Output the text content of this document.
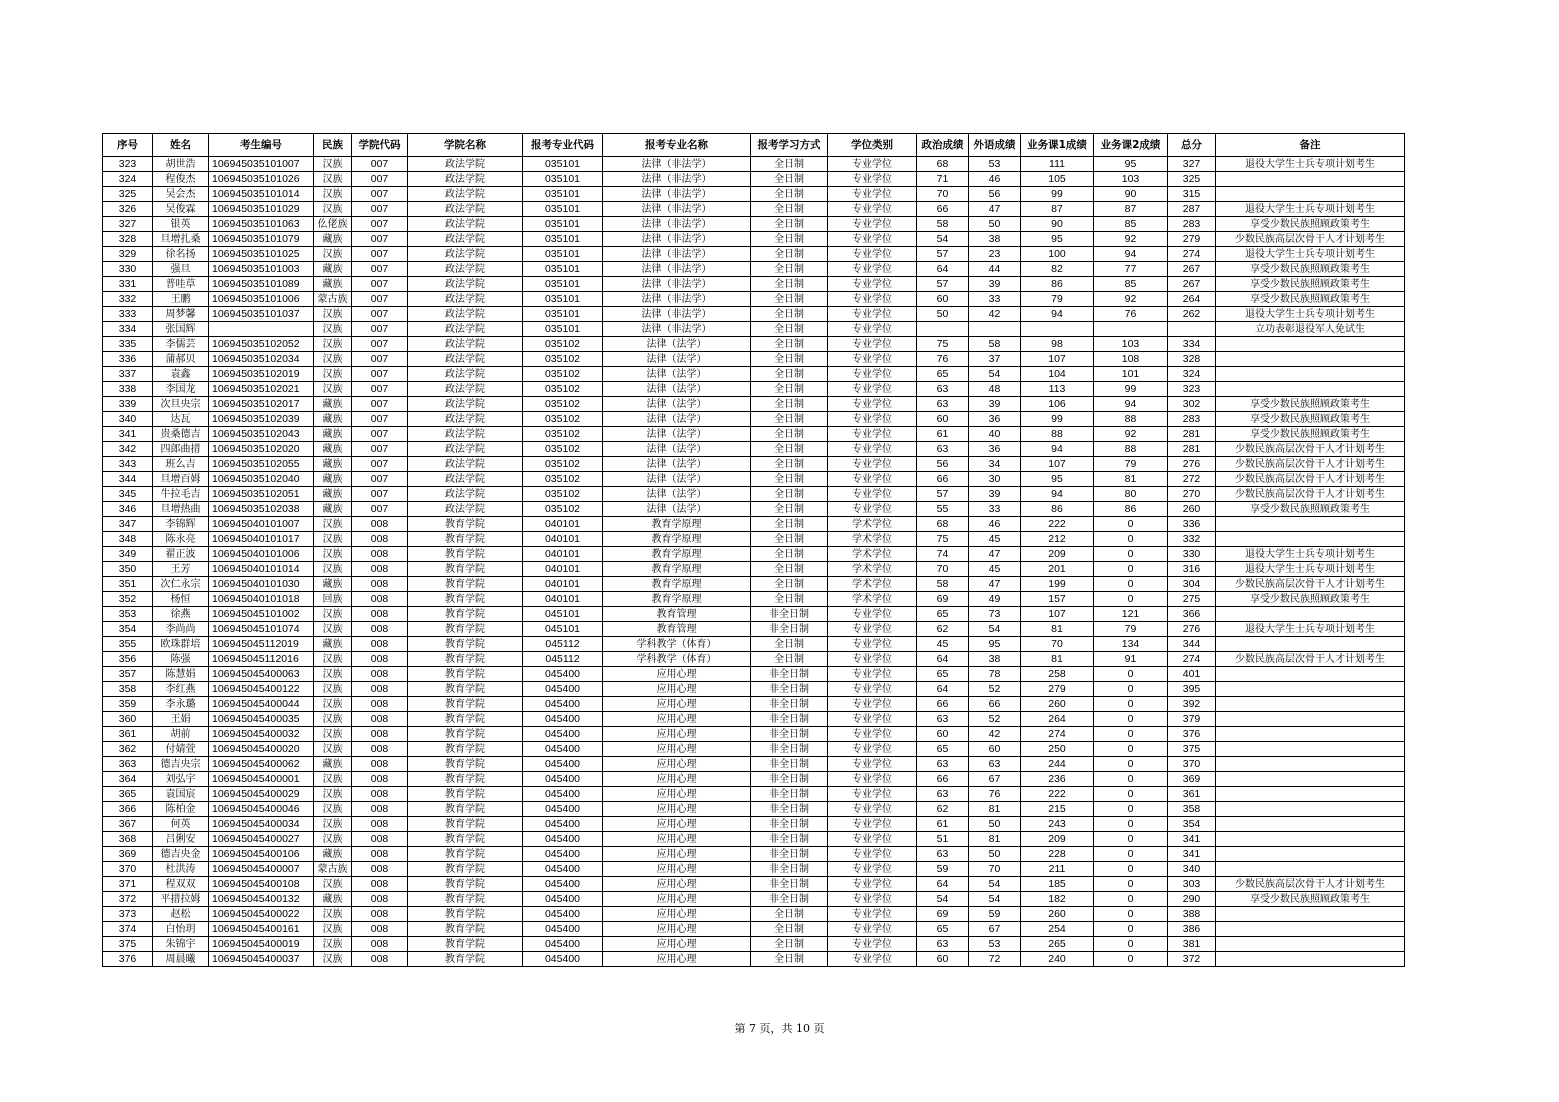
序号	姓名	考生编号	民族	学院代码	学院名称	报考专业代码	报考专业名称	报考学习方式	学位类别	政治成绩	外语成绩	业务课1成绩	业务课2成绩	总分	备注
323	胡世浩	106945035101007	汉族	007	政法学院	035101	法律（非法学）	全日制	专业学位	68	53	111	95	327	退役大学生士兵专项计划考生
324	程俊杰	106945035101026	汉族	007	政法学院	035101	法律（非法学）	全日制	专业学位	71	46	105	103	325	
325	吴会杰	106945035101014	汉族	007	政法学院	035101	法律（非法学）	全日制	专业学位	70	56	99	90	315	
326	吴俊霖	106945035101029	汉族	007	政法学院	035101	法律（非法学）	全日制	专业学位	66	47	87	87	287	退役大学生士兵专项计划考生
327	银英	106945035101063	仫佬族	007	政法学院	035101	法律（非法学）	全日制	专业学位	58	50	90	85	283	享受少数民族照顾政策考生
328	旦增扎桑	106945035101079	藏族	007	政法学院	035101	法律（非法学）	全日制	专业学位	54	38	95	92	279	少数民族高层次骨干人才计划考生
329	徐名扬	106945035101025	汉族	007	政法学院	035101	法律（非法学）	全日制	专业学位	57	23	100	94	274	退役大学生士兵专项计划考生
330	强旦	106945035101003	藏族	007	政法学院	035101	法律（非法学）	全日制	专业学位	64	44	82	77	267	享受少数民族照顾政策考生
331	普哇草	106945035101089	藏族	007	政法学院	035101	法律（非法学）	全日制	专业学位	57	39	86	85	267	享受少数民族照顾政策考生
332	王鹏	106945035101006	蒙古族	007	政法学院	035101	法律（非法学）	全日制	专业学位	60	33	79	92	264	享受少数民族照顾政策考生
333	周梦馨	106945035101037	汉族	007	政法学院	035101	法律（非法学）	全日制	专业学位	50	42	94	76	262	退役大学生士兵专项计划考生
334	张国辉		汉族	007	政法学院	035101	法律（非法学）	全日制	专业学位						立功表彰退役军人免试生
335	李儒芸	106945035102052	汉族	007	政法学院	035102	法律（法学）	全日制	专业学位	75	58	98	103	334	
336	蒲郝贝	106945035102034	汉族	007	政法学院	035102	法律（法学）	全日制	专业学位	76	37	107	108	328	
337	袁鑫	106945035102019	汉族	007	政法学院	035102	法律（法学）	全日制	专业学位	65	54	104	101	324	
338	李国龙	106945035102021	汉族	007	政法学院	035102	法律（法学）	全日制	专业学位	63	48	113	99	323	
339	次旦央宗	106945035102017	藏族	007	政法学院	035102	法律（法学）	全日制	专业学位	63	39	106	94	302	享受少数民族照顾政策考生
340	达瓦	106945035102039	藏族	007	政法学院	035102	法律（法学）	全日制	专业学位	60	36	99	88	283	享受少数民族照顾政策考生
341	贵桑德吉	106945035102043	藏族	007	政法学院	035102	法律（法学）	全日制	专业学位	61	40	88	92	281	享受少数民族照顾政策考生
342	四郎曲措	106945035102020	藏族	007	政法学院	035102	法律（法学）	全日制	专业学位	63	36	94	88	281	少数民族高层次骨干人才计划考生
343	班么吉	106945035102055	藏族	007	政法学院	035102	法律（法学）	全日制	专业学位	56	34	107	79	276	少数民族高层次骨干人才计划考生
344	旦增百姆	106945035102040	藏族	007	政法学院	035102	法律（法学）	全日制	专业学位	66	30	95	81	272	少数民族高层次骨干人才计划考生
345	牛拉毛吉	106945035102051	藏族	007	政法学院	035102	法律（法学）	全日制	专业学位	57	39	94	80	270	少数民族高层次骨干人才计划考生
346	旦增热曲	106945035102038	藏族	007	政法学院	035102	法律（法学）	全日制	专业学位	55	33	86	86	260	享受少数民族照顾政策考生
347	李锦辉	106945040101007	汉族	008	教育学院	040101	教育学原理	全日制	学术学位	68	46	222	0	336	
348	陈永亮	106945040101017	汉族	008	教育学院	040101	教育学原理	全日制	学术学位	75	45	212	0	332	
349	翟正波	106945040101006	汉族	008	教育学院	040101	教育学原理	全日制	学术学位	74	47	209	0	330	退役大学生士兵专项计划考生
350	王芳	106945040101014	汉族	008	教育学院	040101	教育学原理	全日制	学术学位	70	45	201	0	316	退役大学生士兵专项计划考生
351	次仁永宗	106945040101030	藏族	008	教育学院	040101	教育学原理	全日制	学术学位	58	47	199	0	304	少数民族高层次骨干人才计划考生
352	杨恒	106945040101018	回族	008	教育学院	040101	教育学原理	全日制	学术学位	69	49	157	0	275	享受少数民族照顾政策考生
353	徐燕	106945045101002	汉族	008	教育学院	045101	教育管理	非全日制	专业学位	65	73	107	121	366	
354	李尚尚	106945045101074	汉族	008	教育学院	045101	教育管理	非全日制	专业学位	62	54	81	79	276	退役大学生士兵专项计划考生
355	欧珠群培	106945045112019	藏族	008	教育学院	045112	学科教学（体育）	全日制	专业学位	45	95	70	134	344	
356	陈强	106945045112016	汉族	008	教育学院	045112	学科教学（体育）	全日制	专业学位	64	38	81	91	274	少数民族高层次骨干人才计划考生
357	陈慧娟	106945045400063	汉族	008	教育学院	045400	应用心理	非全日制	专业学位	65	78	258	0	401	
358	李红燕	106945045400122	汉族	008	教育学院	045400	应用心理	非全日制	专业学位	64	52	279	0	395	
359	李永璐	106945045400044	汉族	008	教育学院	045400	应用心理	非全日制	专业学位	66	66	260	0	392	
360	王娟	106945045400035	汉族	008	教育学院	045400	应用心理	非全日制	专业学位	63	52	264	0	379	
361	胡前	106945045400032	汉族	008	教育学院	045400	应用心理	非全日制	专业学位	60	42	274	0	376	
362	付婧萱	106945045400020	汉族	008	教育学院	045400	应用心理	非全日制	专业学位	65	60	250	0	375	
363	德吉央宗	106945045400062	藏族	008	教育学院	045400	应用心理	非全日制	专业学位	63	63	244	0	370	
364	刘弘宇	106945045400001	汉族	008	教育学院	045400	应用心理	非全日制	专业学位	66	67	236	0	369	
365	袁国宸	106945045400029	汉族	008	教育学院	045400	应用心理	非全日制	专业学位	63	76	222	0	361	
366	陈柏金	106945045400046	汉族	008	教育学院	045400	应用心理	非全日制	专业学位	62	81	215	0	358	
367	何英	106945045400034	汉族	008	教育学院	045400	应用心理	非全日制	专业学位	61	50	243	0	354	
368	吕俐安	106945045400027	汉族	008	教育学院	045400	应用心理	非全日制	专业学位	51	81	209	0	341	
369	德吉央金	106945045400106	藏族	008	教育学院	045400	应用心理	非全日制	专业学位	63	50	228	0	341	
370	杜洪涛	106945045400007	蒙古族	008	教育学院	045400	应用心理	非全日制	专业学位	59	70	211	0	340	
371	程双双	106945045400108	汉族	008	教育学院	045400	应用心理	非全日制	专业学位	64	54	185	0	303	少数民族高层次骨干人才计划考生
372	平措拉姆	106945045400132	藏族	008	教育学院	045400	应用心理	非全日制	专业学位	54	54	182	0	290	享受少数民族照顾政策考生
373	赵松	106945045400022	汉族	008	教育学院	045400	应用心理	全日制	专业学位	69	59	260	0	388	
374	白怡玥	106945045400161	汉族	008	教育学院	045400	应用心理	全日制	专业学位	65	67	254	0	386	
375	朱锦宇	106945045400019	汉族	008	教育学院	045400	应用心理	全日制	专业学位	63	53	265	0	381	
376	周晨曦	106945045400037	汉族	008	教育学院	045400	应用心理	全日制	专业学位	60	72	240	0	372	
第 7 页，共 10 页
